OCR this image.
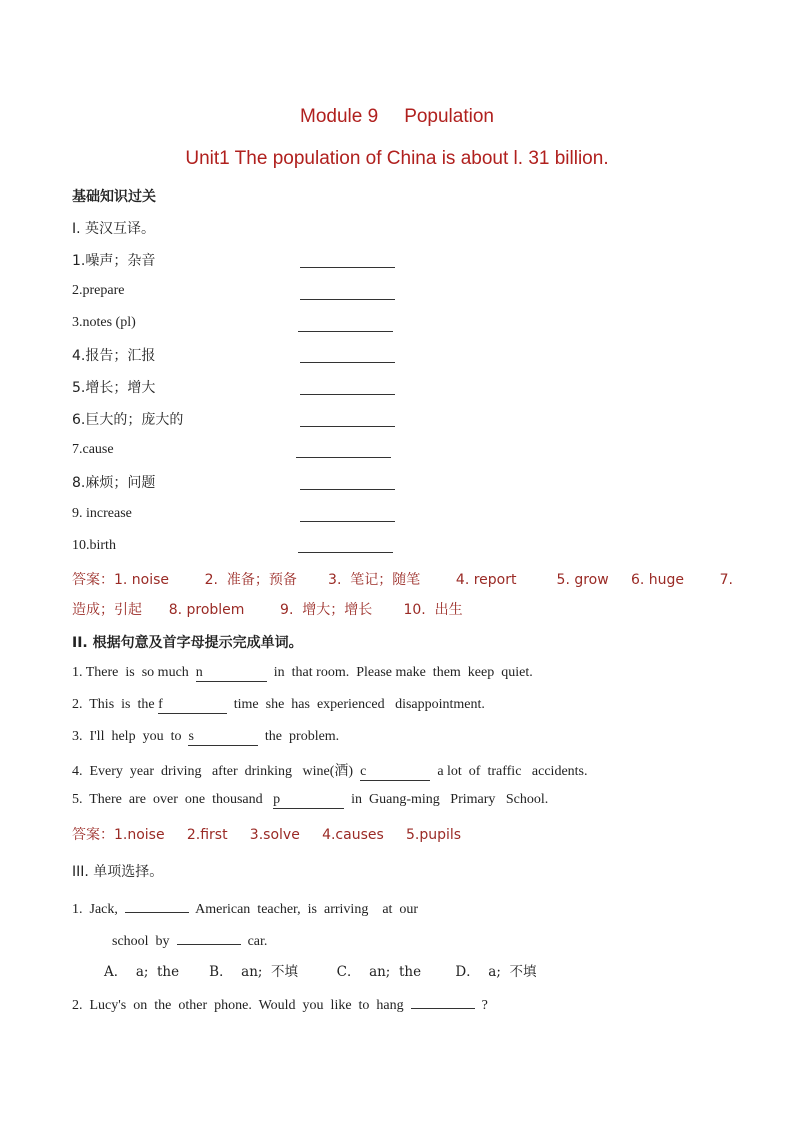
Module 9 Population
Unit1 The population of China is about l. 31 billion.
基础知识过关
I. 英汉互译。
1.噪声；杂音
2.prepare
3.notes (pl)
4.报告；汇报
5.增长；增大
6.巨大的；庞大的
7.cause
8.麻烦；问题
9. increase
10.birth
答案：1. noise        2.  准备；预备       3.  笔记；随笔        4. report         5. grow     6. huge        7.
造成；引起      8. problem        9.  增大；增长       10.  出生
II. 根据句意及首字母提示完成单词。
1. There  is  so much  n	in  that room.  Please make  them  keep  quiet.
2.  This  is  the f	time  she  has  experienced   disappointment.
3.  I'll  help  you  to  s	the  problem.
4.  Every  year  driving   after  drinking   wine(酒)  c	a lot  of  traffic   accidents.
5.  There  are  over  one  thousand   p	in  Guang-ming   Primary   School.
答案：1.noise     2.first     3.solve     4.causes     5.pupils
III. 单项选择。
1.  Jack,	American  teacher,  is  arriving    at  our
school  by	car.
A．  a;  the       B．  an;  不填         C．  an;  the        D．  a;  不填
2.  Lucy's  on  the  other  phone.  Would  you  like  to  hang	?
